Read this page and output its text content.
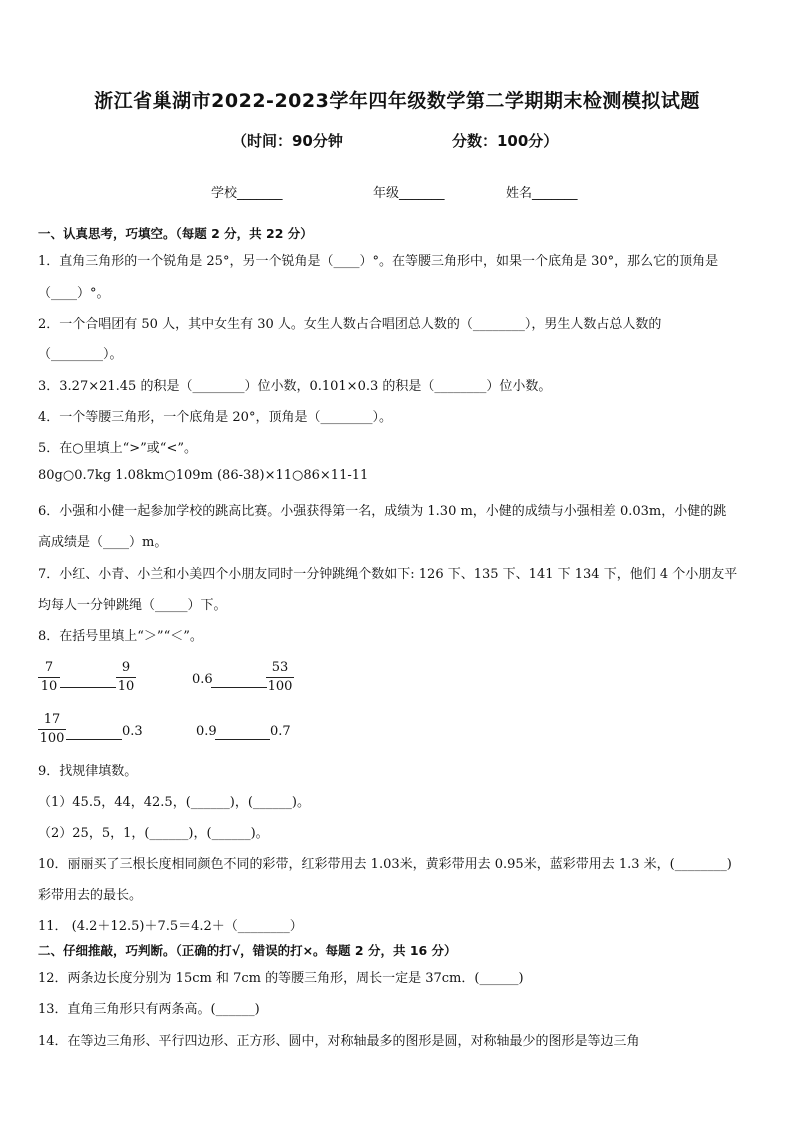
浙江省巢湖市2022-2023学年四年级数学第二学期期末检测模拟试题
（时间：90分钟	分数：100分）
学校_______	年级_______	姓名_______
一、认真思考，巧填空。（每题 2 分，共 22 分）
1．直角三角形的一个锐角是 25°，另一个锐角是（____）°。在等腰三角形中，如果一个底角是 30°，那么它的顶角是
（____）°。
2．一个合唱团有 50 人，其中女生有 30 人。女生人数占合唱团总人数的（________），男生人数占总人数的
（________）。
3．3.27×21.45 的积是（________）位小数，0.101×0.3 的积是（________）位小数。
4．一个等腰三角形，一个底角是 20°，顶角是（________）。
5．在○里填上“>”或“<”。
80g○0.7kg 1.08km○109m (86-38)×11○86×11-11
6．小强和小健一起参加学校的跳高比赛。小强获得第一名，成绩为 1.30 m，小健的成绩与小强相差 0.03m，小健的跳
高成绩是（____）m。
7．小红、小青、小兰和小美四个小朋友同时一分钟跳绳个数如下: 126 下、135 下、141 下 134 下，他们 4 个小朋友平
均每人一分钟跳绳（_____）下。
8．在括号里填上“＞”“＜”。
$\frac{7}{10}$	$\frac{9}{10}$	0.6	$\frac{53}{100}$
$\frac{17}{100}$	0.3	0.9	0.7
9．找规律填数。
（1）45.5，44，42.5，(______)，(______)。
（2）25，5，1，(______)，(______)。
10．丽丽买了三根长度相同颜色不同的彩带，红彩带用去 1.03米，黄彩带用去 0.95米，蓝彩带用去 1.3 米，(________)
彩带用去的最长。
11． (4.2＋12.5)＋7.5＝4.2＋（________）
二、仔细推敲，巧判断。（正确的打√，错误的打×。每题 2 分，共 16 分）
12．两条边长度分别为 15cm 和 7cm 的等腰三角形，周长一定是 37cm．(______)
13．直角三角形只有两条高。(______)
14．在等边三角形、平行四边形、正方形、圆中，对称轴最多的图形是圆，对称轴最少的图形是等边三角
